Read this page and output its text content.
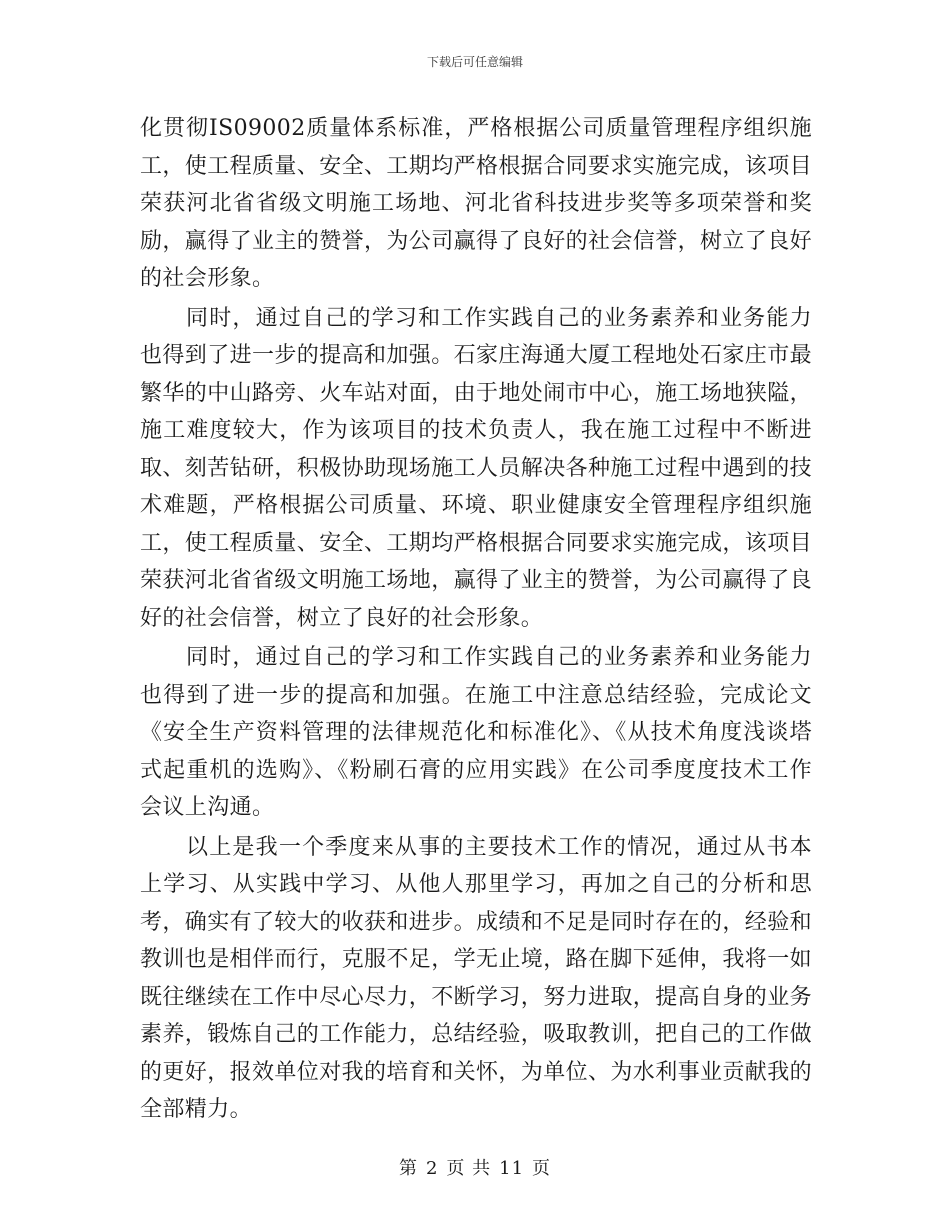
下载后可任意编辑

化贯彻IS09002质量体系标准，严格根据公司质量管理程序组织施工，使工程质量、安全、工期均严格根据合同要求实施完成，该项目荣获河北省省级文明施工场地、河北省科技进步奖等多项荣誉和奖励，赢得了业主的赞誉，为公司赢得了良好的社会信誉，树立了良好的社会形象。

同时，通过自己的学习和工作实践自己的业务素养和业务能力也得到了进一步的提高和加强。石家庄海通大厦工程地处石家庄市最繁华的中山路旁、火车站对面，由于地处闹市中心，施工场地狭隘，施工难度较大，作为该项目的技术负责人，我在施工过程中不断进取、刻苦钻研，积极协助现场施工人员解决各种施工过程中遇到的技术难题，严格根据公司质量、环境、职业健康安全管理程序组织施工，使工程质量、安全、工期均严格根据合同要求实施完成，该项目荣获河北省省级文明施工场地，赢得了业主的赞誉，为公司赢得了良好的社会信誉，树立了良好的社会形象。

同时，通过自己的学习和工作实践自己的业务素养和业务能力也得到了进一步的提高和加强。在施工中注意总结经验，完成论文《安全生产资料管理的法律规范化和标准化》、《从技术角度浅谈塔式起重机的选购》、《粉刷石膏的应用实践》在公司季度度技术工作会议上沟通。

以上是我一个季度来从事的主要技术工作的情况，通过从书本上学习、从实践中学习、从他人那里学习，再加之自己的分析和思考，确实有了较大的收获和进步。成绩和不足是同时存在的，经验和教训也是相伴而行，克服不足，学无止境，路在脚下延伸，我将一如既往继续在工作中尽心尽力，不断学习，努力进取，提高自身的业务素养，锻炼自己的工作能力，总结经验，吸取教训，把自己的工作做的更好，报效单位对我的培育和关怀，为单位、为水利事业贡献我的全部精力。

第 2 页 共 11 页
